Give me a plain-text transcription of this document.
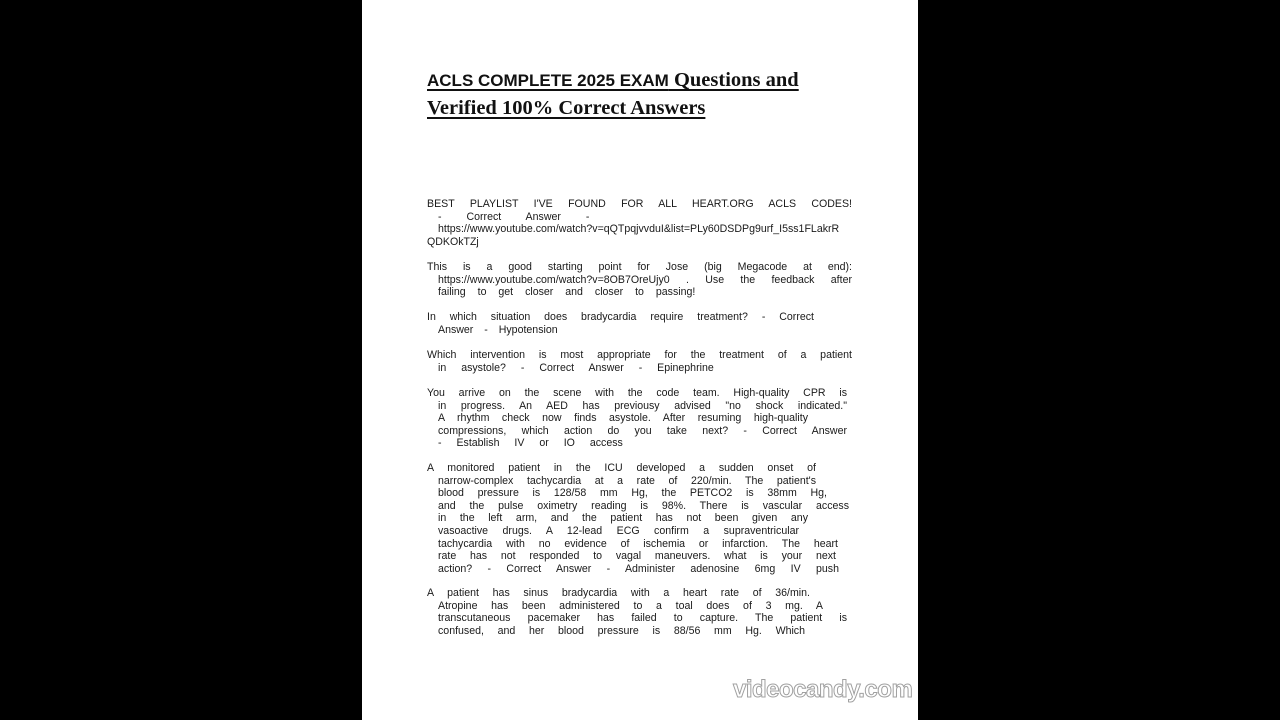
ACLS COMPLETE 2025 EXAM Questions and
Verified 100% Correct Answers
BEST PLAYLIST I'VE FOUND FOR ALL HEART.ORG ACLS CODES!
- Correct Answer -
https://www.youtube.com/watch?v=qQTpqjvvduI&list=PLy60DSDPg9urf_I5ss1FLakrR
QDKOkTZj
This is a good starting point for Jose (big Megacode at end):
https://www.youtube.com/watch?v=8OB7OreUjy0 . Use the feedback after
failing to get closer and closer to passing!
In which situation does bradycardia require treatment? - Correct
Answer - Hypotension
Which intervention is most appropriate for the treatment of a patient
in asystole? - Correct Answer - Epinephrine
You arrive on the scene with the code team. High-quality CPR is
in progress. An AED has previousy advised "no shock indicated."
A rhythm check now finds asystole. After resuming high-quality
compressions, which action do you take next? - Correct Answer
- Establish IV or IO access
A monitored patient in the ICU developed a sudden onset of
narrow-complex tachycardia at a rate of 220/min. The patient's
blood pressure is 128/58 mm Hg, the PETCO2 is 38mm Hg,
and the pulse oximetry reading is 98%. There is vascular access
in the left arm, and the patient has not been given any
vasoactive drugs. A 12-lead ECG confirm a supraventricular
tachycardia with no evidence of ischemia or infarction. The heart
rate has not responded to vagal maneuvers. what is your next
action? - Correct Answer - Administer adenosine 6mg IV push
A patient has sinus bradycardia with a heart rate of 36/min.
Atropine has been administered to a toal does of 3 mg. A
transcutaneous pacemaker has failed to capture. The patient is
confused, and her blood pressure is 88/56 mm Hg. Which
videocandy.com
